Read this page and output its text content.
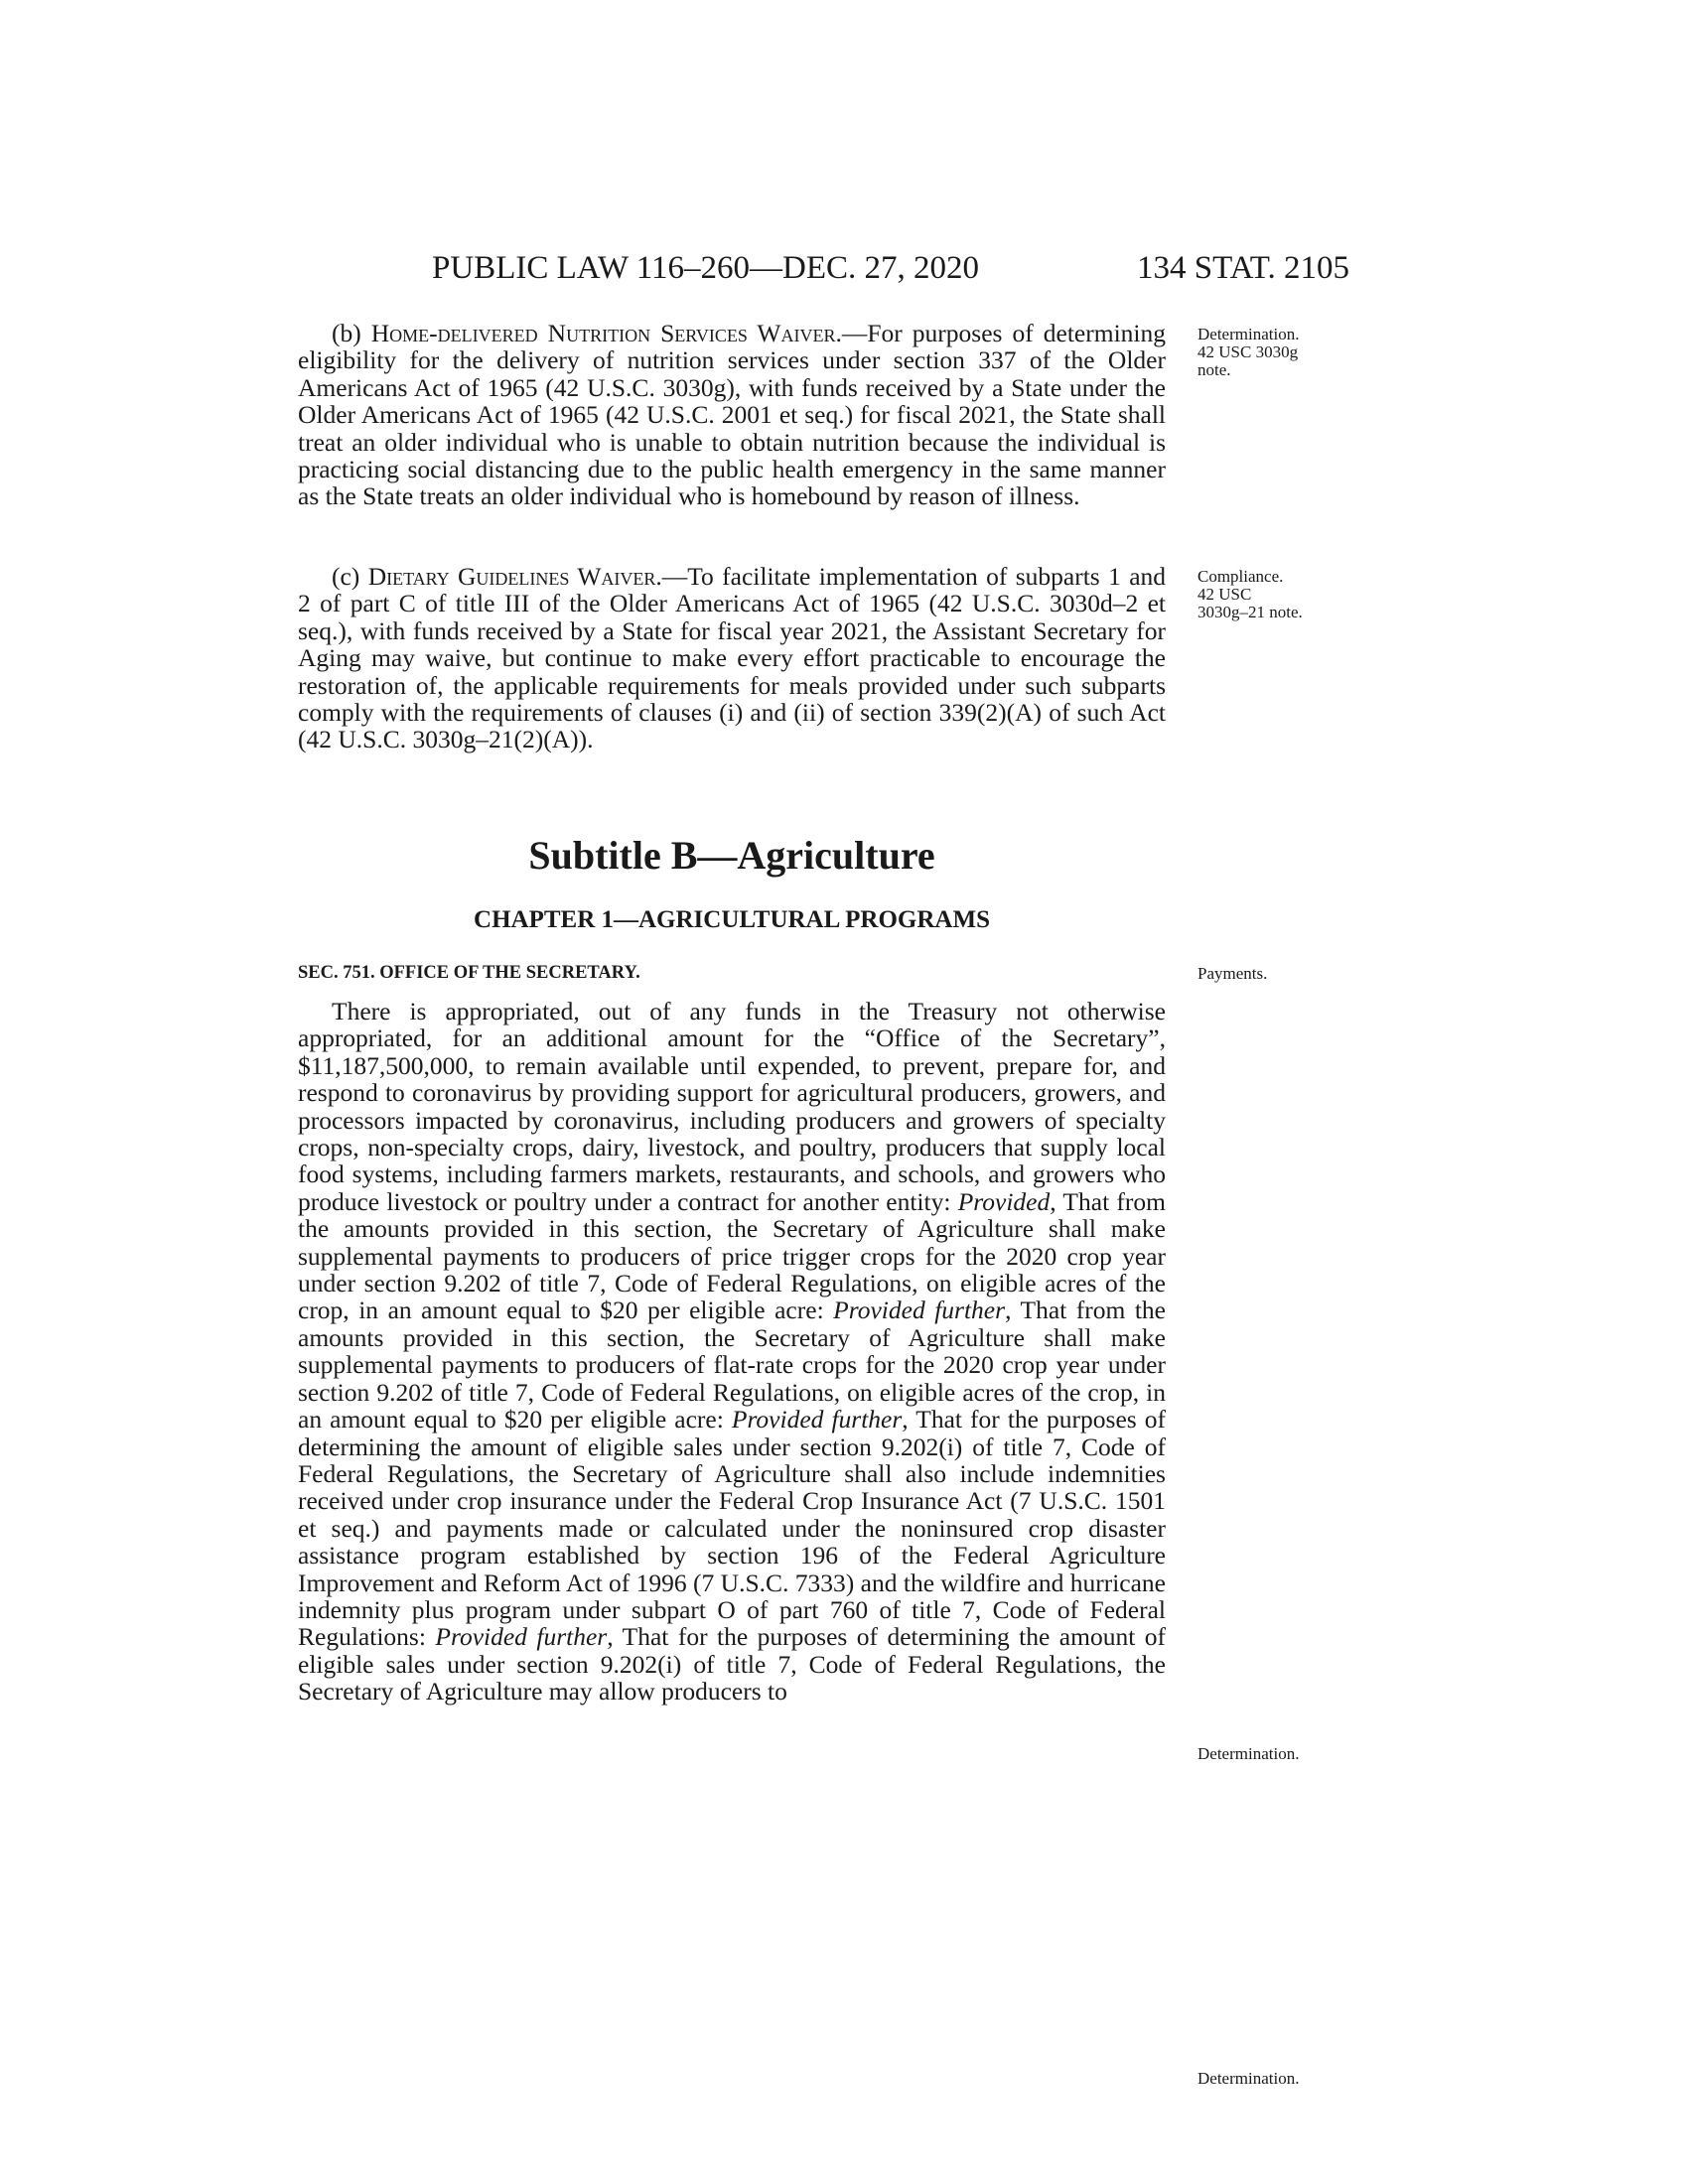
PUBLIC LAW 116–260—DEC. 27, 2020	134 STAT. 2105

(b) Home-delivered Nutrition Services Waiver.—For purposes of determining eligibility for the delivery of nutrition services under section 337 of the Older Americans Act of 1965 (42 U.S.C. 3030g), with funds received by a State under the Older Americans Act of 1965 (42 U.S.C. 2001 et seq.) for fiscal 2021, the State shall treat an older individual who is unable to obtain nutrition because the individual is practicing social distancing due to the public health emergency in the same manner as the State treats an older individual who is homebound by reason of illness.

(c) Dietary Guidelines Waiver.—To facilitate implementation of subparts 1 and 2 of part C of title III of the Older Americans Act of 1965 (42 U.S.C. 3030d–2 et seq.), with funds received by a State for fiscal year 2021, the Assistant Secretary for Aging may waive, but continue to make every effort practicable to encourage the restoration of, the applicable requirements for meals provided under such subparts comply with the requirements of clauses (i) and (ii) of section 339(2)(A) of such Act (42 U.S.C. 3030g–21(2)(A)).

Subtitle B—Agriculture
CHAPTER 1—AGRICULTURAL PROGRAMS
SEC. 751. OFFICE OF THE SECRETARY.

There is appropriated, out of any funds in the Treasury not otherwise appropriated, for an additional amount for the “Office of the Secretary”, $11,187,500,000, to remain available until expended, to prevent, prepare for, and respond to coronavirus by providing support for agricultural producers, growers, and processors impacted by coronavirus, including producers and growers of specialty crops, non-specialty crops, dairy, livestock, and poultry, producers that supply local food systems, including farmers markets, restaurants, and schools, and growers who produce livestock or poultry under a contract for another entity: Provided, That from the amounts provided in this section, the Secretary of Agriculture shall make supplemental payments to producers of price trigger crops for the 2020 crop year under section 9.202 of title 7, Code of Federal Regulations, on eligible acres of the crop, in an amount equal to $20 per eligible acre: Provided further, That from the amounts provided in this section, the Secretary of Agriculture shall make supplemental payments to producers of flat-rate crops for the 2020 crop year under section 9.202 of title 7, Code of Federal Regulations, on eligible acres of the crop, in an amount equal to $20 per eligible acre: Provided further, That for the purposes of determining the amount of eligible sales under section 9.202(i) of title 7, Code of Federal Regulations, the Secretary of Agriculture shall also include indemnities received under crop insurance under the Federal Crop Insurance Act (7 U.S.C. 1501 et seq.) and payments made or calculated under the noninsured crop disaster assistance program established by section 196 of the Federal Agriculture Improvement and Reform Act of 1996 (7 U.S.C. 7333) and the wildfire and hurricane indemnity plus program under subpart O of part 760 of title 7, Code of Federal Regulations: Provided further, That for the purposes of determining the amount of eligible sales under section 9.202(i) of title 7, Code of Federal Regulations, the Secretary of Agriculture may allow producers to

Determination.
42 USC 3030g
note.
Compliance.
42 USC
3030g–21 note.
Payments.
Determination.
Determination.
